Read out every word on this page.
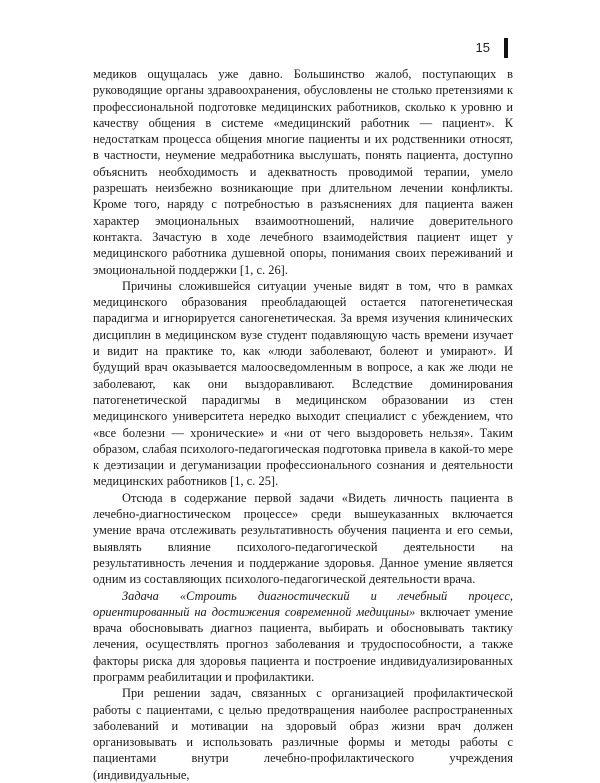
15

медиков ощущалась уже давно. Большинство жалоб, поступающих в руководящие органы здравоохранения, обусловлены не столько претензиями к профессиональной подготовке медицинских работников, сколько к уровню и качеству общения в системе «медицинский работник — пациент». К недостаткам процесса общения многие пациенты и их родственники относят, в частности, неумение медработника выслушать, понять пациента, доступно объяснить необходимость и адекватность проводимой терапии, умело разрешать неизбежно возникающие при длительном лечении конфликты. Кроме того, наряду с потребностью в разъяснениях для пациента важен характер эмоциональных взаимоотношений, наличие доверительного контакта. Зачастую в ходе лечебного взаимодействия пациент ищет у медицинского работника душевной опоры, понимания своих переживаний и эмоциональной поддержки [1, с. 26].

Причины сложившейся ситуации ученые видят в том, что в рамках медицинского образования преобладающей остается патогенетическая парадигма и игнорируется саногенетическая. За время изучения клинических дисциплин в медицинском вузе студент подавляющую часть времени изучает и видит на практике то, как «люди заболевают, болеют и умирают». И будущий врач оказывается малоосведомленным в вопросе, а как же люди не заболевают, как они выздоравливают. Вследствие доминирования патогенетической парадигмы в медицинском образовании из стен медицинского университета нередко выходит специалист с убеждением, что «все болезни — хронические» и «ни от чего выздороветь нельзя». Таким образом, слабая психолого-педагогическая подготовка привела в какой-то мере к деэтизации и дегуманизации профессионального сознания и деятельности медицинских работников [1, с. 25].

Отсюда в содержание первой задачи «Видеть личность пациента в лечебно-диагностическом процессе» среди вышеуказанных включается умение врача отслеживать результативность обучения пациента и его семьи, выявлять влияние психолого-педагогической деятельности на результативность лечения и поддержание здоровья. Данное умение является одним из составляющих психолого-педагогической деятельности врача.

Задача «Строить диагностический и лечебный процесс, ориентированный на достижения современной медицины» включает умение врача обосновывать диагноз пациента, выбирать и обосновывать тактику лечения, осуществлять прогноз заболевания и трудоспособности, а также факторы риска для здоровья пациента и построение индивидуализированных программ реабилитации и профилактики.

При решении задач, связанных с организацией профилактической работы с пациентами, с целью предотвращения наиболее распространенных заболеваний и мотивации на здоровый образ жизни врач должен организовывать и использовать различные формы и методы работы с пациентами внутри лечебно-профилактического учреждения (индивидуальные,
